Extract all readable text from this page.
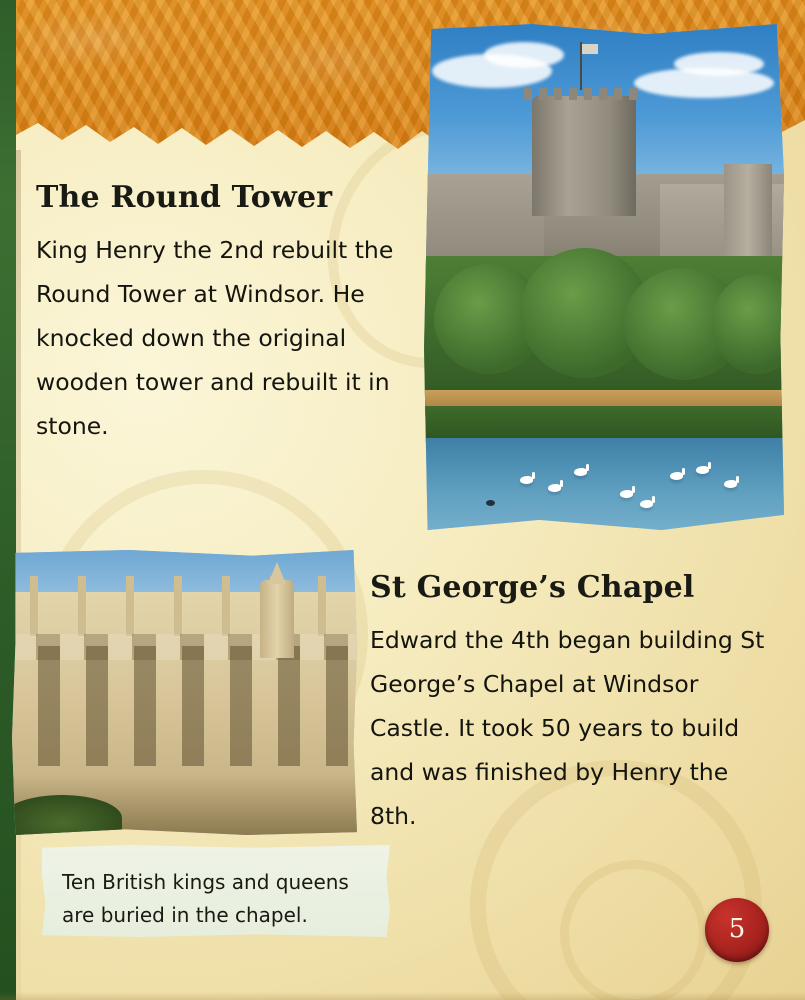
The Round Tower
King Henry the 2nd rebuilt the Round Tower at Windsor. He knocked down the original wooden tower and rebuilt it in stone.
St George’s Chapel
Edward the 4th began building St George’s Chapel at Windsor Castle. It took 50 years to build and was finished by Henry the 8th.
Ten British kings and queens are buried in the chapel.	5
